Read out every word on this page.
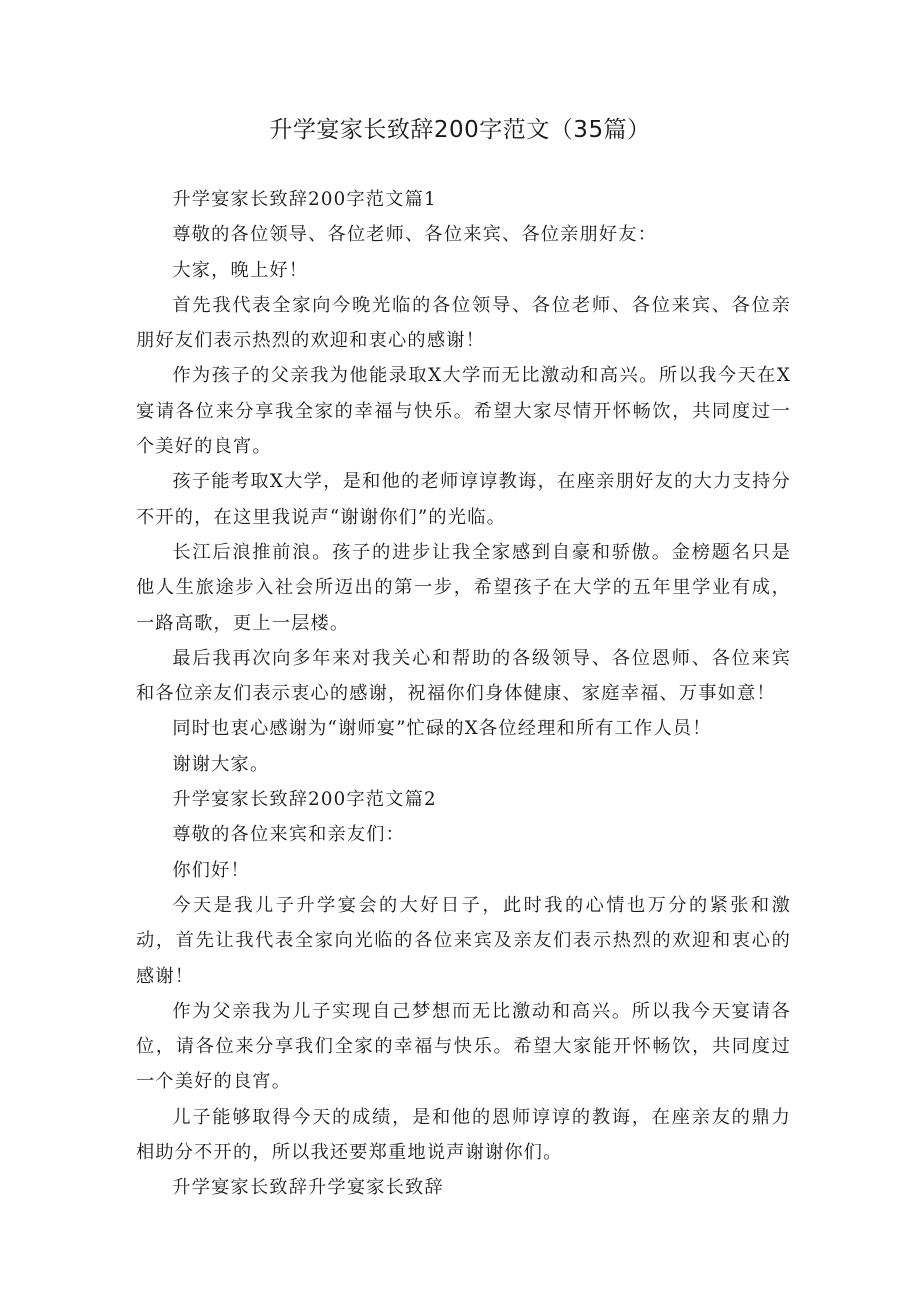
升学宴家长致辞200字范文（35篇）

升学宴家长致辞200字范文篇1

尊敬的各位领导、各位老师、各位来宾、各位亲朋好友：

大家，晚上好！

首先我代表全家向今晚光临的各位领导、各位老师、各位来宾、各位亲朋好友们表示热烈的欢迎和衷心的感谢！

作为孩子的父亲我为他能录取X大学而无比激动和高兴。所以我今天在X宴请各位来分享我全家的幸福与快乐。希望大家尽情开怀畅饮，共同度过一个美好的良宵。

孩子能考取X大学，是和他的老师谆谆教诲，在座亲朋好友的大力支持分不开的，在这里我说声“谢谢你们”的光临。

长江后浪推前浪。孩子的进步让我全家感到自豪和骄傲。金榜题名只是他人生旅途步入社会所迈出的第一步，希望孩子在大学的五年里学业有成，一路高歌，更上一层楼。

最后我再次向多年来对我关心和帮助的各级领导、各位恩师、各位来宾和各位亲友们表示衷心的感谢，祝福你们身体健康、家庭幸福、万事如意！

同时也衷心感谢为“谢师宴”忙碌的X各位经理和所有工作人员！

谢谢大家。

升学宴家长致辞200字范文篇2

尊敬的各位来宾和亲友们：

你们好！

今天是我儿子升学宴会的大好日子，此时我的心情也万分的紧张和激动，首先让我代表全家向光临的各位来宾及亲友们表示热烈的欢迎和衷心的感谢！

作为父亲我为儿子实现自己梦想而无比激动和高兴。所以我今天宴请各位，请各位来分享我们全家的幸福与快乐。希望大家能开怀畅饮，共同度过一个美好的良宵。

儿子能够取得今天的成绩，是和他的恩师谆谆的教诲，在座亲友的鼎力相助分不开的，所以我还要郑重地说声谢谢你们。

升学宴家长致辞升学宴家长致辞
